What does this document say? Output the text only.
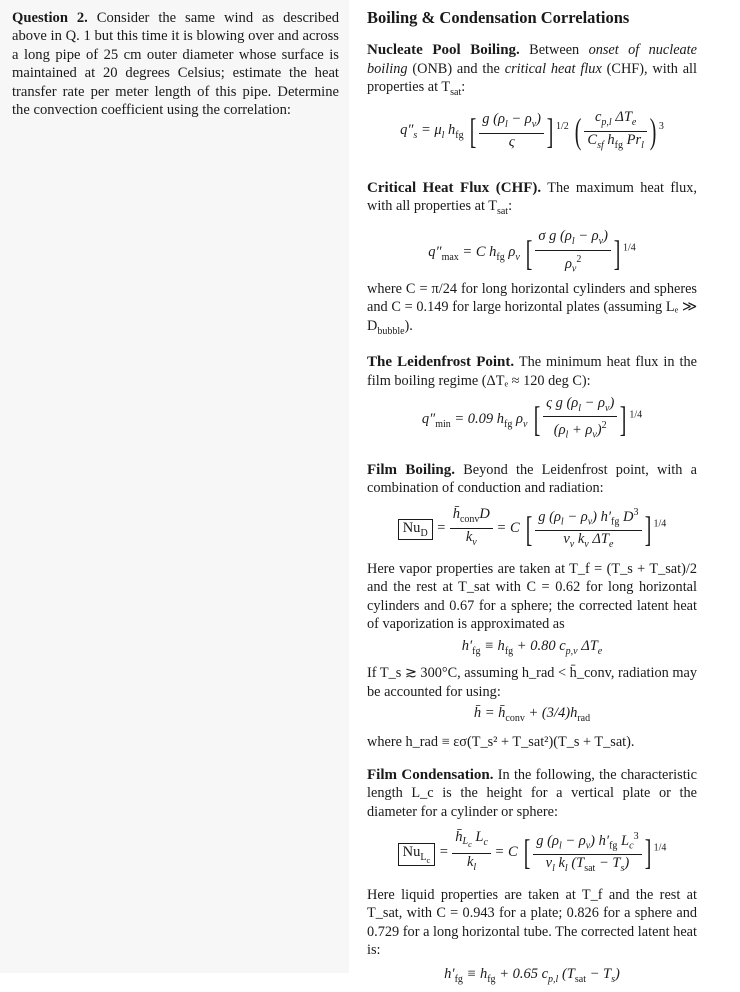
Question 2. Consider the same wind as described above in Q. 1 but this time it is blowing over and across a long pipe of 25 cm outer diameter whose surface is maintained at 20 degrees Celsius; estimate the heat transfer rate per meter length of this pipe. Determine the convection coefficient using the correlation:

Boiling & Condensation Correlations

Nucleate Pool Boiling. Between onset of nucleate boiling (ONB) and the critical heat flux (CHF), with all properties at $T_{sat}$:

$q''_s = \mu_l$ $h_{fg}$ [ $\frac{g (\rho_l - \rho_v)}{\varsigma}$ ] $^{1/2}$ ( $\frac{c_{p,l} \Delta T_e}{C_{sf} h_{fg} Pr_l}$ ) $^3$

Critical Heat Flux (CHF). The maximum heat flux, with all properties at $T_{sat}$:

$q''_{max} = C$ $h_{fg}$ $\rho_v$ [ $\frac{\sigma g (\rho_l - \rho_v)}{\rho_v^2}$ ] $^{1/4}$

where C = π/24 for long horizontal cylinders and spheres and C = 0.149 for large horizontal plates (assuming Lₑ ≫ $D_{bubble}$).

The Leidenfrost Point. The minimum heat flux in the film boiling regime (ΔTₑ ≈ 120 deg C):

$q''_{min} = 0.09$ $h_{fg}$ $\rho_v$ [ $\frac{\varsigma g (\rho_l - \rho_v)}{(\rho_l + \rho_v)^2}$ ] $^{1/4}$

Film Boiling. Beyond the Leidenfrost point, with a combination of conduction and radiation:

$Nu_D = \frac{h̄_{conv}D}{k_v} = C$ [ $\frac{g (\rho_l - \rho_v) h'_{fg} D^3}{\nu_v k_v \Delta T_e}$ ] $^{1/4}$

Here vapor properties are taken at T_f = (T_s + T_sat)/2 and the rest at T_sat with C = 0.62 for long horizontal cylinders and 0.67 for a sphere; the corrected latent heat of vaporization is approximated as

$h'_{fg} \equiv h_{fg} + 0.80$ $c_{p,v}$ $\Delta T_e$

If T_s ≳ 300°C, assuming h_rad < h̄_conv, radiation may be accounted for using:

h̄ = $h̄_{conv} + (3/4)h_{rad}$

where h_rad ≡ εσ(T_s² + T_sat²)(T_s + T_sat).

Film Condensation. In the following, the characteristic length L_c is the height for a vertical plate or the diameter for a cylinder or sphere:

$Nu_{L_c} = \frac{h̄_{L_c} L_c}{k_l} = C$ [ $\frac{g (\rho_l - \rho_v) h'_{fg} L_c^3}{\nu_l k_l (T_{sat} - T_s)}$ ] $^{1/4}$

Here liquid properties are taken at T_f and the rest at T_sat, with C = 0.943 for a plate; 0.826 for a sphere and 0.729 for a long horizontal tube. The corrected latent heat is:

$h'_{fg} \equiv h_{fg} + 0.65$ $c_{p,l}$ $(T_{sat} - T_s)$
